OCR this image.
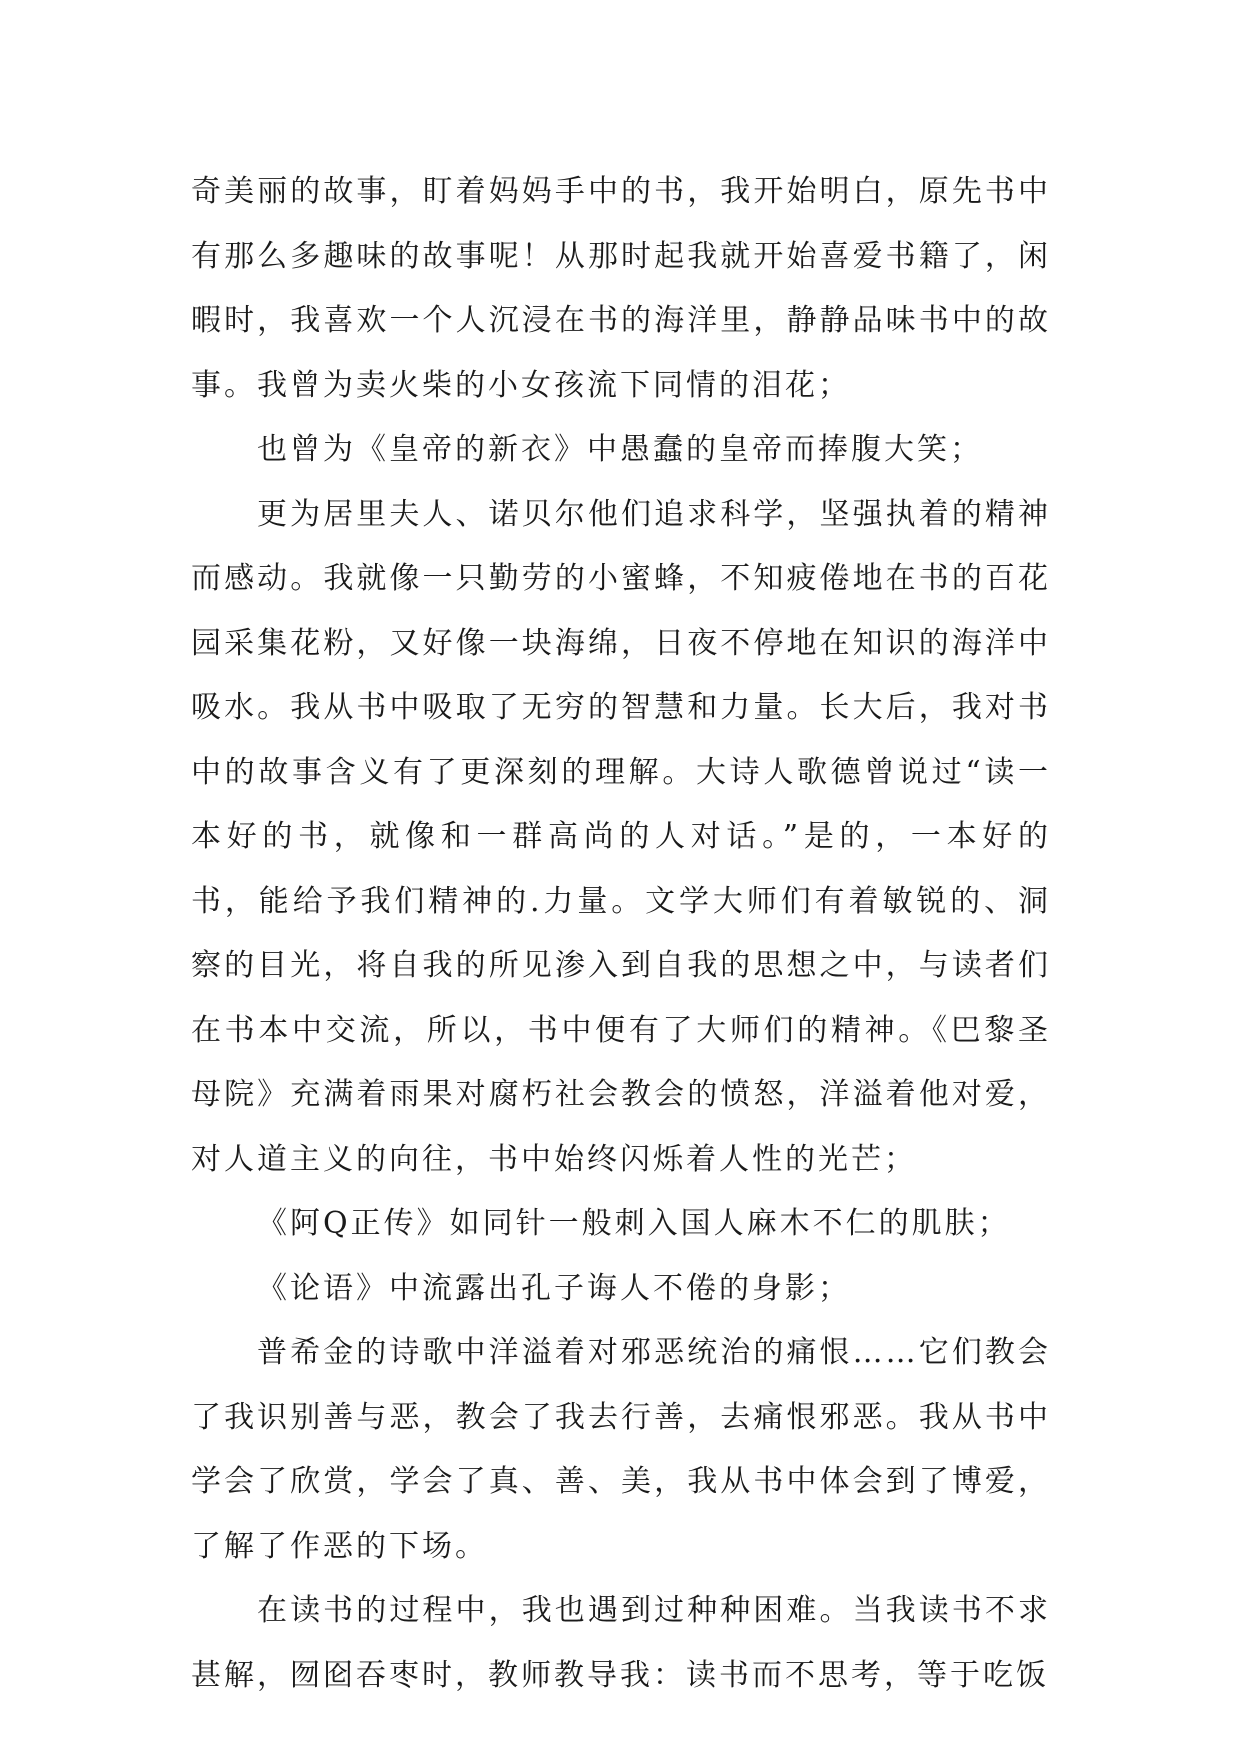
奇美丽的故事，盯着妈妈手中的书，我开始明白，原先书中有那么多趣味的故事呢！从那时起我就开始喜爱书籍了，闲暇时，我喜欢一个人沉浸在书的海洋里，静静品味书中的故事。我曾为卖火柴的小女孩流下同情的泪花；

也曾为《皇帝的新衣》中愚蠢的皇帝而捧腹大笑；

更为居里夫人、诺贝尔他们追求科学，坚强执着的精神而感动。我就像一只勤劳的小蜜蜂，不知疲倦地在书的百花园采集花粉，又好像一块海绵，日夜不停地在知识的海洋中吸水。我从书中吸取了无穷的智慧和力量。长大后，我对书中的故事含义有了更深刻的理解。大诗人歌德曾说过“读一本好的书，就像和一群高尚的人对话。”是的，一本好的书，能给予我们精神的.力量。文学大师们有着敏锐的、洞察的目光，将自我的所见渗入到自我的思想之中，与读者们在书本中交流，所以，书中便有了大师们的精神。《巴黎圣母院》充满着雨果对腐朽社会教会的愤怒，洋溢着他对爱，对人道主义的向往，书中始终闪烁着人性的光芒；

《阿Q正传》如同针一般刺入国人麻木不仁的肌肤；

《论语》中流露出孔子诲人不倦的身影；

普希金的诗歌中洋溢着对邪恶统治的痛恨……它们教会了我识别善与恶，教会了我去行善，去痛恨邪恶。我从书中学会了欣赏，学会了真、善、美，我从书中体会到了博爱，了解了作恶的下场。

在读书的过程中，我也遇到过种种困难。当我读书不求甚解，囫囵吞枣时，教师教导我：读书而不思考，等于吃饭
